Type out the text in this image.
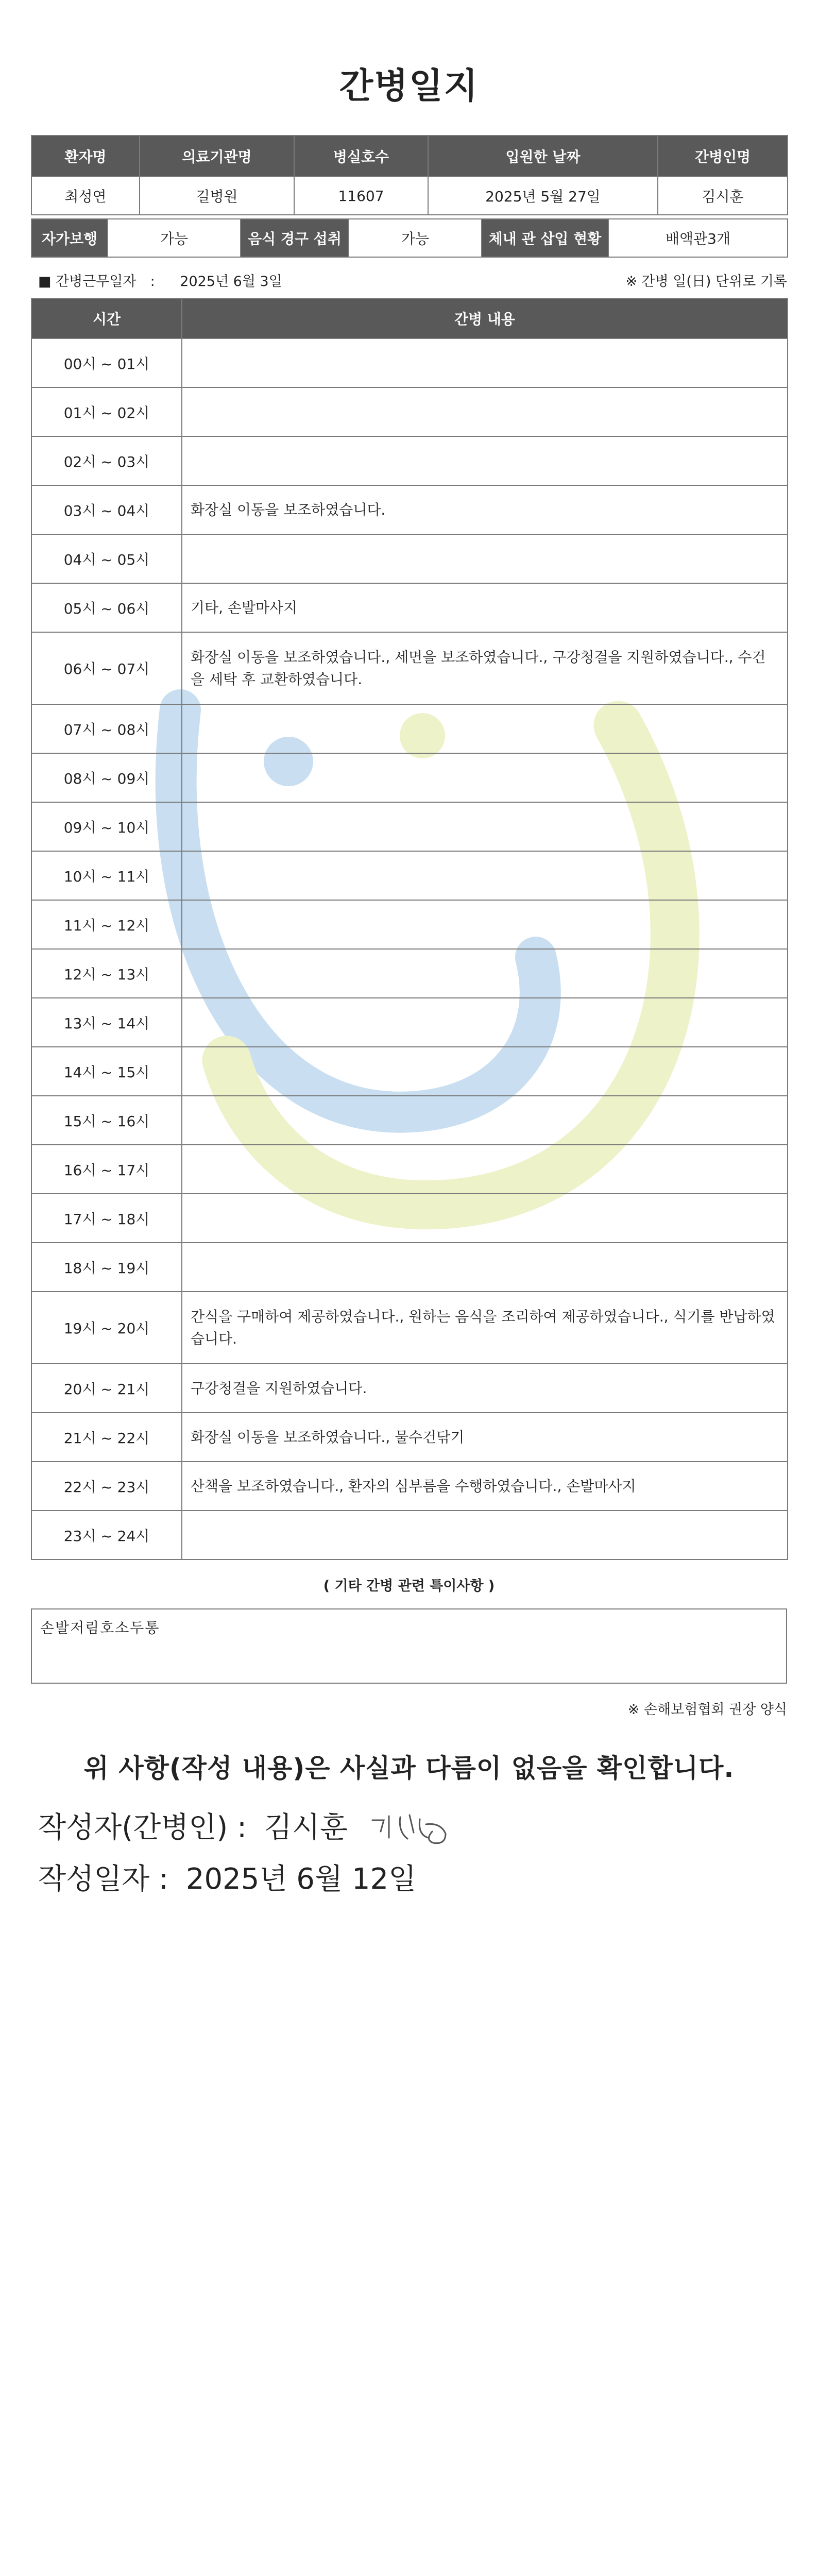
간병일지
환자명	의료기관명	병실호수	입원한 날짜	간병인명
최성연	길병원	11607	2025년 5월 27일	김시훈
자가보행	가능	음식 경구 섭취	가능	체내 관 삽입 현황	배액관3개
■ 간병근무일자　: 2025년 6월 3일	※ 간병 일(日) 단위로 기록
시간	간병 내용
00시 ~ 01시	
01시 ~ 02시	
02시 ~ 03시	
03시 ~ 04시	화장실 이동을 보조하였습니다.
04시 ~ 05시	
05시 ~ 06시	기타, 손발마사지
06시 ~ 07시	화장실 이동을 보조하였습니다., 세면을 보조하였습니다., 구강청결을 지원하였습니다., 수건을 세탁 후 교환하였습니다.
07시 ~ 08시	
08시 ~ 09시	
09시 ~ 10시	
10시 ~ 11시	
11시 ~ 12시	
12시 ~ 13시	
13시 ~ 14시	
14시 ~ 15시	
15시 ~ 16시	
16시 ~ 17시	
17시 ~ 18시	
18시 ~ 19시	
19시 ~ 20시	간식을 구매하여 제공하였습니다., 원하는 음식을 조리하여 제공하였습니다., 식기를 반납하였습니다.
20시 ~ 21시	구강청결을 지원하였습니다.
21시 ~ 22시	화장실 이동을 보조하였습니다., 물수건닦기
22시 ~ 23시	산책을 보조하였습니다., 환자의 심부름을 수행하였습니다., 손발마사지
23시 ~ 24시	
( 기타 간병 관련 특이사항 )
손발저림호소두통
※ 손해보험협회 권장 양식
위 사항(작성 내용)은 사실과 다름이 없음을 확인합니다.
작성자(간병인) : 김시훈
작성일자 : 2025년 6월 12일
